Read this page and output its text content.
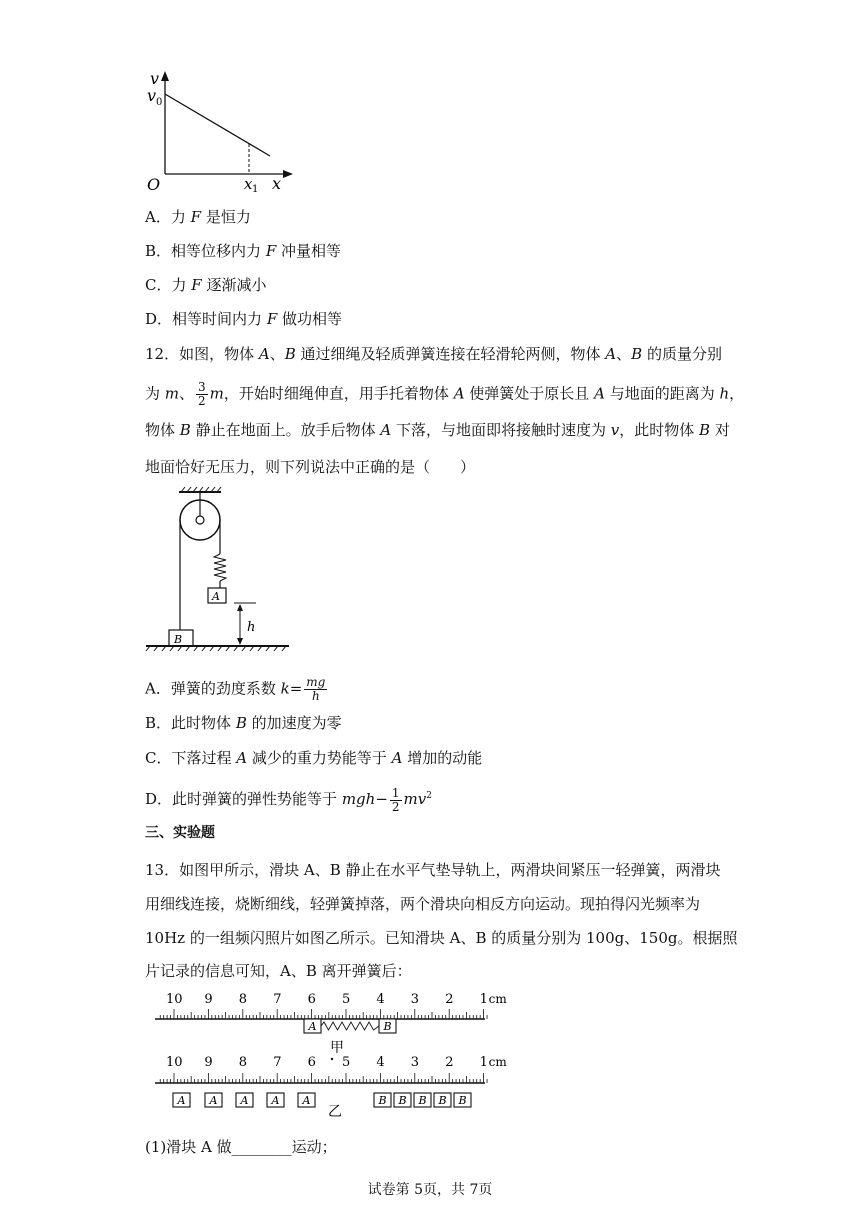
v
v 0
O	x 1 x
A．力 F 是恒力
B．相等位移内力 F 冲量相等
C．力 F 逐渐减小
D．相等时间内力 F 做功相等
12．如图，物体 A、B 通过细绳及轻质弹簧连接在轻滑轮两侧，物体 A、B 的质量分别
为 m、 $\frac{3}{2}$ m，开始时细绳伸直，用手托着物体 A 使弹簧处于原长且 A 与地面的距离为 h，
物体 B 静止在地面上。放手后物体 A 下落，与地面即将接触时速度为 v，此时物体 B 对
地面恰好无压力，则下列说法中正确的是（　　）
A
h
B
A．弹簧的劲度系数 $k= \frac{mg}{h}$
B．此时物体 B 的加速度为零
C．下落过程 A 减少的重力势能等于 A 增加的动能
D．此时弹簧的弹性势能等于 $mgh- \frac{1}{2} mv^2$
三、实验题
13．如图甲所示，滑块 A、B 静止在水平气垫导轨上，两滑块间紧压一轻弹簧，两滑块
用细线连接，烧断细线，轻弹簧掉落，两个滑块向相反方向运动。现拍得闪光频率为
10Hz 的一组频闪照片如图乙所示。已知滑块 A、B 的质量分别为 100g、150g。根据照
片记录的信息可知，A、B 离开弹簧后：
10 9 8 7 6 5 4 3 2 1 cm
A	B
甲
10 9 8 7 6 5 4 3 2 1 cm
A A A A A	B B B B B
乙
(1)滑块 A 做________运动；
试卷第 5页，共 7页
